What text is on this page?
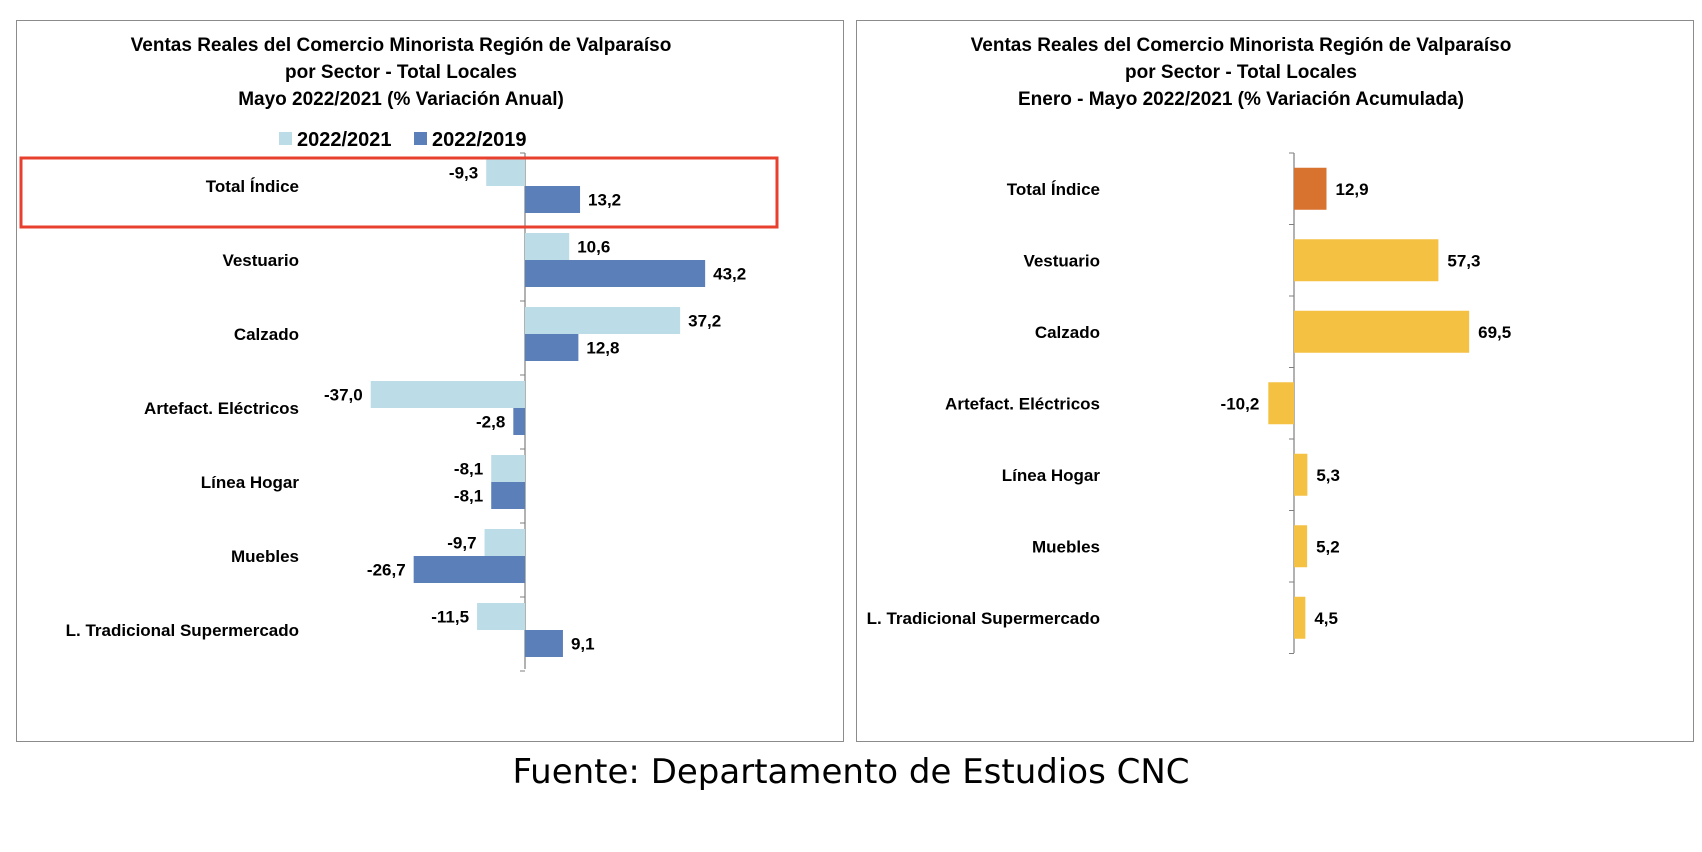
Ventas Reales del Comercio Minorista Región de Valparaíso
por Sector - Total Locales
Mayo 2022/2021 (% Variación Anual)
2022/2021 2022/2019
Total Índice
-9,3
13,2
Vestuario
10,6
43,2
Calzado
37,2
12,8
Artefact. Eléctricos
-37,0
-2,8
Línea Hogar
-8,1
-8,1
Muebles
-9,7
-26,7
L. Tradicional Supermercado
-11,5
9,1
Ventas Reales del Comercio Minorista Región de Valparaíso
por Sector - Total Locales
Enero - Mayo 2022/2021 (% Variación Acumulada)
Total Índice	12,9
Vestuario	57,3
Calzado	69,5
Artefact. Eléctricos	-10,2
Línea Hogar	5,3
Muebles	5,2
L. Tradicional Supermercado	4,5
Fuente: Departamento de Estudios CNC
